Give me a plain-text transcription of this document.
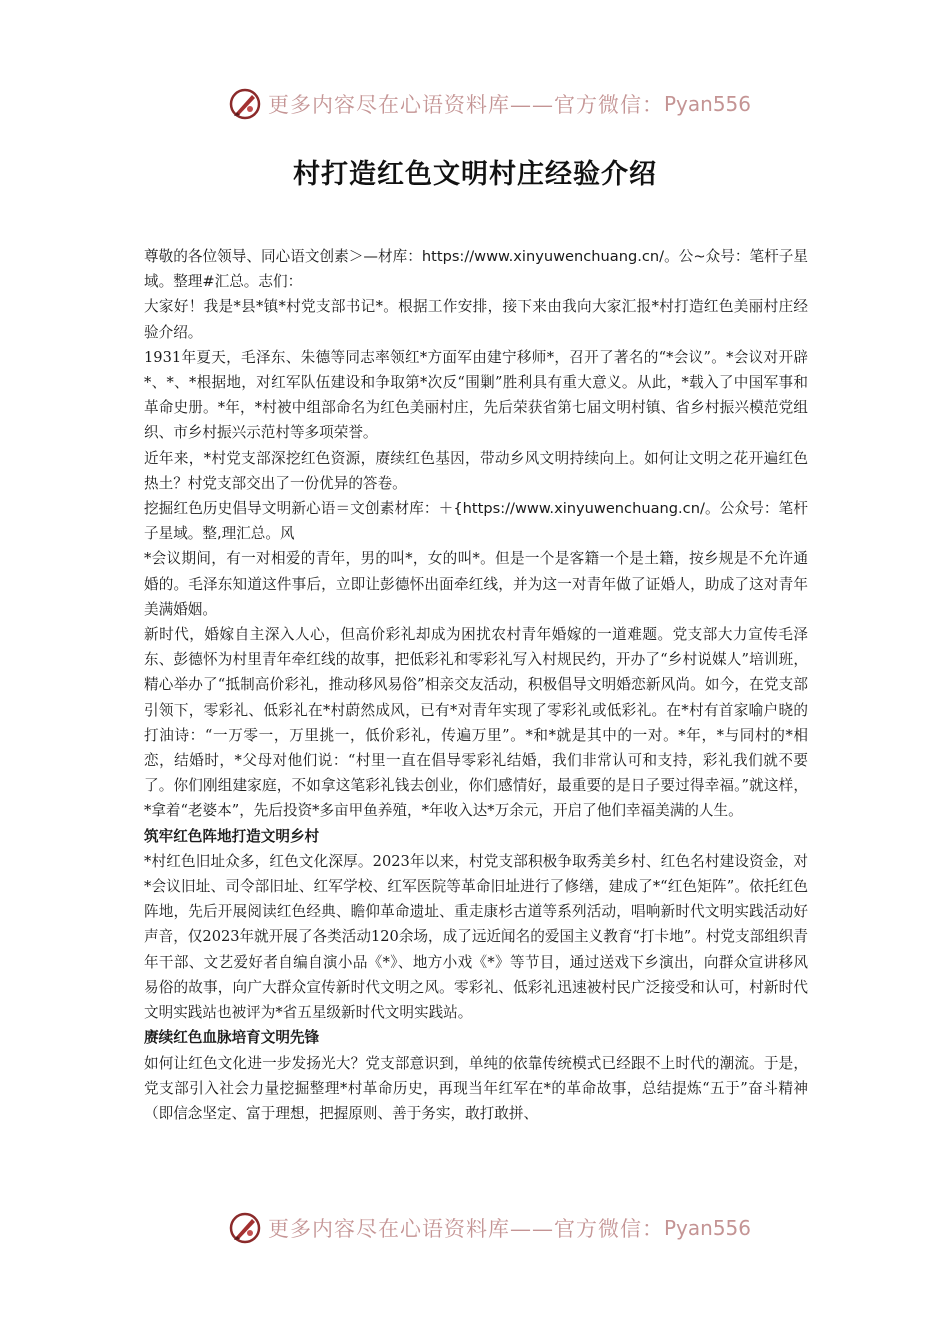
更多内容尽在心语资料库——官方微信： Pyan556
村打造红色文明村庄经验介绍

尊敬的各位领导、同心语文创素＞—材库：https://www.xinyuwenchuang.cn/。公~众号：笔杆子星域。整理#汇总。志们：

大家好！我是*县*镇*村党支部书记*。根据工作安排，接下来由我向大家汇报*村打造红色美丽村庄经验介绍。

1931年夏天，毛泽东、朱德等同志率领红*方面军由建宁移师*，召开了著名的“*会议”。*会议对开辟*、*、*根据地，对红军队伍建设和争取第*次反“围剿”胜利具有重大意义。从此，*载入了中国军事和革命史册。*年，*村被中组部命名为红色美丽村庄，先后荣获省第七届文明村镇、省乡村振兴模范党组织、市乡村振兴示范村等多项荣誉。

近年来，*村党支部深挖红色资源，赓续红色基因，带动乡风文明持续向上。如何让文明之花开遍红色热土？村党支部交出了一份优异的答卷。

挖掘红色历史倡导文明新心语＝文创素材库：＋{https://www.xinyuwenchuang.cn/。公众号：笔杆子星域。整,理汇总。风

*会议期间，有一对相爱的青年，男的叫*，女的叫*。但是一个是客籍一个是土籍，按乡规是不允许通婚的。毛泽东知道这件事后，立即让彭德怀出面牵红线，并为这一对青年做了证婚人，助成了这对青年美满婚姻。

新时代，婚嫁自主深入人心，但高价彩礼却成为困扰农村青年婚嫁的一道难题。党支部大力宣传毛泽东、彭德怀为村里青年牵红线的故事，把低彩礼和零彩礼写入村规民约，开办了“乡村说媒人”培训班，精心举办了“抵制高价彩礼，推动移风易俗”相亲交友活动，积极倡导文明婚恋新风尚。如今，在党支部引领下，零彩礼、低彩礼在*村蔚然成风，已有*对青年实现了零彩礼或低彩礼。在*村有首家喻户晓的打油诗：“一万零一，万里挑一，低价彩礼，传遍万里”。*和*就是其中的一对。*年，*与同村的*相恋，结婚时，*父母对他们说：“村里一直在倡导零彩礼结婚，我们非常认可和支持，彩礼我们就不要了。你们刚组建家庭，不如拿这笔彩礼钱去创业，你们感情好，最重要的是日子要过得幸福。”就这样，*拿着“老婆本”，先后投资*多亩甲鱼养殖，*年收入达*万余元，开启了他们幸福美满的人生。

筑牢红色阵地打造文明乡村

*村红色旧址众多，红色文化深厚。2023年以来，村党支部积极争取秀美乡村、红色名村建设资金，对*会议旧址、司令部旧址、红军学校、红军医院等革命旧址进行了修缮，建成了*“红色矩阵”。依托红色阵地，先后开展阅读红色经典、瞻仰革命遗址、重走康杉古道等系列活动，唱响新时代文明实践活动好声音，仅2023年就开展了各类活动120余场，成了远近闻名的爱国主义教育“打卡地”。村党支部组织青年干部、文艺爱好者自编自演小品《*》、地方小戏《*》等节目，通过送戏下乡演出，向群众宣讲移风易俗的故事，向广大群众宣传新时代文明之风。零彩礼、低彩礼迅速被村民广泛接受和认可，村新时代文明实践站也被评为*省五星级新时代文明实践站。

赓续红色血脉培育文明先锋

如何让红色文化进一步发扬光大？党支部意识到，单纯的依靠传统模式已经跟不上时代的潮流。于是，党支部引入社会力量挖掘整理*村革命历史，再现当年红军在*的革命故事，总结提炼“五于”奋斗精神（即信念坚定、富于理想，把握原则、善于务实，敢打敢拼、

更多内容尽在心语资料库——官方微信： Pyan556
